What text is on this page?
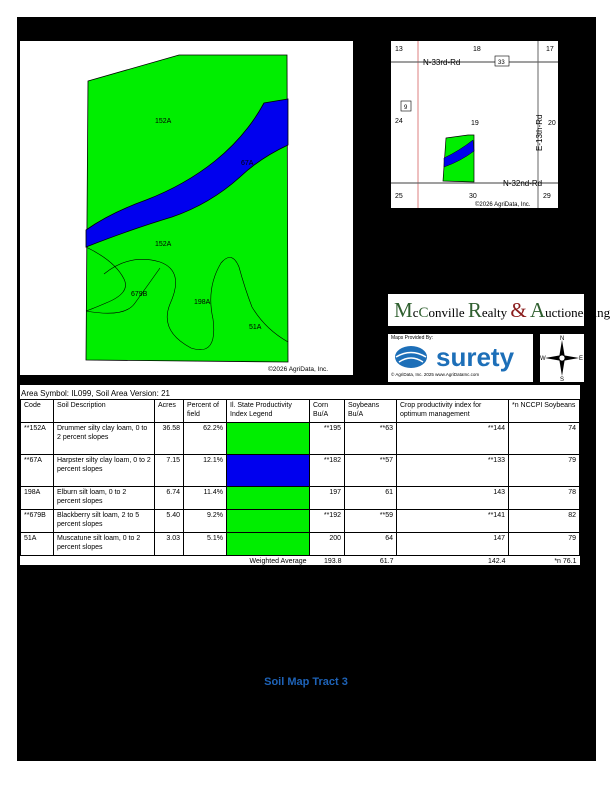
152A
67A
152A
679B
198A
51A
©2026 AgriData, Inc.
13	18	17
24	19	20
25	30	29
N-33rd-Rd
E-13th-Rd
N-32nd-Rd
33
9
©2026 AgriData, Inc.
McConville Realty & Auctioneering
Maps Provided By:
surety
© AgriData, Inc. 2025 www.AgriDataInc.com
N
S
W	E
Area Symbol: IL099, Soil Area Version: 21
Code	Soil Description	Acres	Percent of field	Il. State Productivity Index Legend	Corn Bu/A	Soybeans Bu/A	Crop productivity index for optimum management	*n NCCPI Soybeans
**152A	Drummer silty clay loam, 0 to 2 percent slopes	36.58	62.2%		**195	**63	**144	74
**67A	Harpster silty clay loam, 0 to 2 percent slopes	7.15	12.1%		**182	**57	**133	79
198A	Elburn silt loam, 0 to 2 percent slopes	6.74	11.4%		197	61	143	78
**679B	Blackberry silt loam, 2 to 5 percent slopes	5.40	9.2%		**192	**59	**141	82
51A	Muscatune silt loam, 0 to 2 percent slopes	3.03	5.1%		200	64	147	79
				Weighted Average	193.8	61.7	142.4	*n 76.1
Soil Map Tract 3
